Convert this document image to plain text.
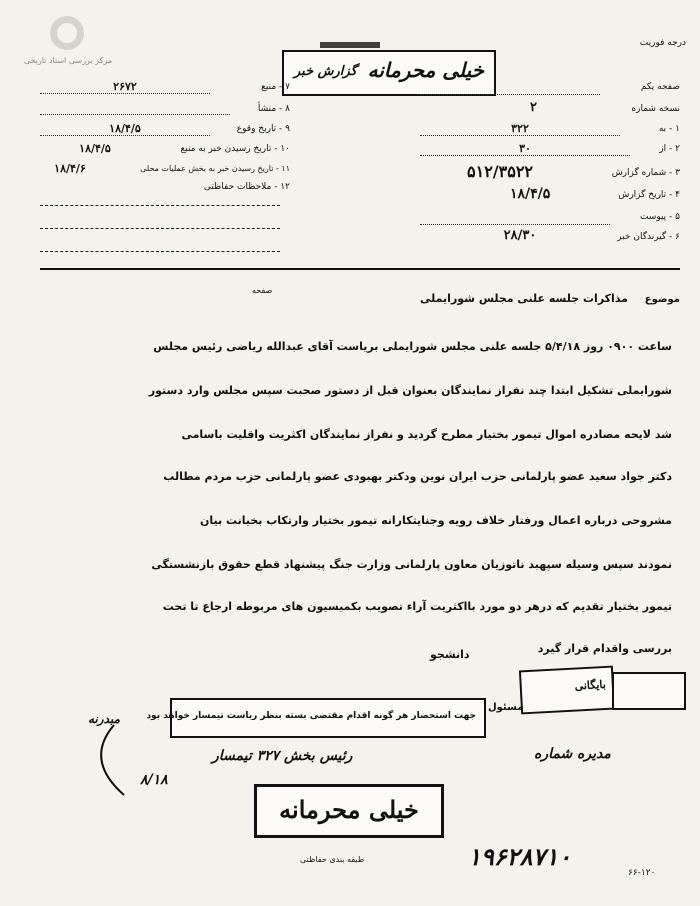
مرکز بررسی اسناد تاریخی
درجه فوریت
خیلی محرمانه
گزارش خبر
۷ - منبع
۲۶۷۲
۸ - منشأ
۹ - تاریخ وقوع
۱۸/۴/۵
۱۰ - تاریخ رسیدن خبر به منبع
۱۸/۴/۵
۱۱ - تاریخ رسیدن خبر به بخش عملیات محلی
۱۸/۴/۶
۱۲ - ملاحظات حفاظتی
صفحه یکم
نسخه شماره
۲
۱ - به
۳۲۲
۲ - از
۳۰
۳ - شماره گزارش
۵۱۲/۳۵۲۲
۴ - تاریخ گزارش
۱۸/۴/۵
۵ - پیوست
۶ - گیرندگان خبر
۲۸/۳۰
موضوع
مذاکرات جلسه علنی مجلس شورایملی
صفحه
ساعت ۰۹۰۰ روز ۵/۴/۱۸ جلسه علنی مجلس شورایملی بریاست آقای عبدالله ریاضی رئیس مجلس
شورایملی تشکیل ابتدا چند نفراز نمایندگان بعنوان قبل از دستور صحبت سپس مجلس وارد دستور
شد لایحه مصادره اموال تیمور بختیار مطرح گردید و نفراز نمایندگان اکثریت واقلیت باسامی
دکتر جواد سعید عضو پارلمانی حزب ایران نوین ودکتر بهبودی عضو پارلمانی حزب مردم مطالب
مشروحی درباره اعمال ورفتار خلاف رویه وجنایتکارانه تیمور بختیار وارتکاب بخیانت بیان
نمودند سپس وسیله سپهبد ناتوزیان معاون پارلمانی وزارت جنگ پیشنهاد قطع حقوق بازنشستگی
تیمور بختیار تقدیم که درهر دو مورد بااکثریت آراء تصویب بکمیسیون های مربوطه ارجاع تا تحت
بررسی واقدام قرار گیرد
دانشجو
بایگانی
مسئول
جهت استحضار هر گونه اقدام مقتضی بسته بنظر ریاست تیمسار خواهد بود
مبدرنه
رئیس بخش ۳۲۷ تیمسار
۸/۱۸
مدیره شماره
خیلی محرمانه
طبقه بندی حفاظتی	۱۹۶۲۸۷۱۰
۶۶-۱۲۰
